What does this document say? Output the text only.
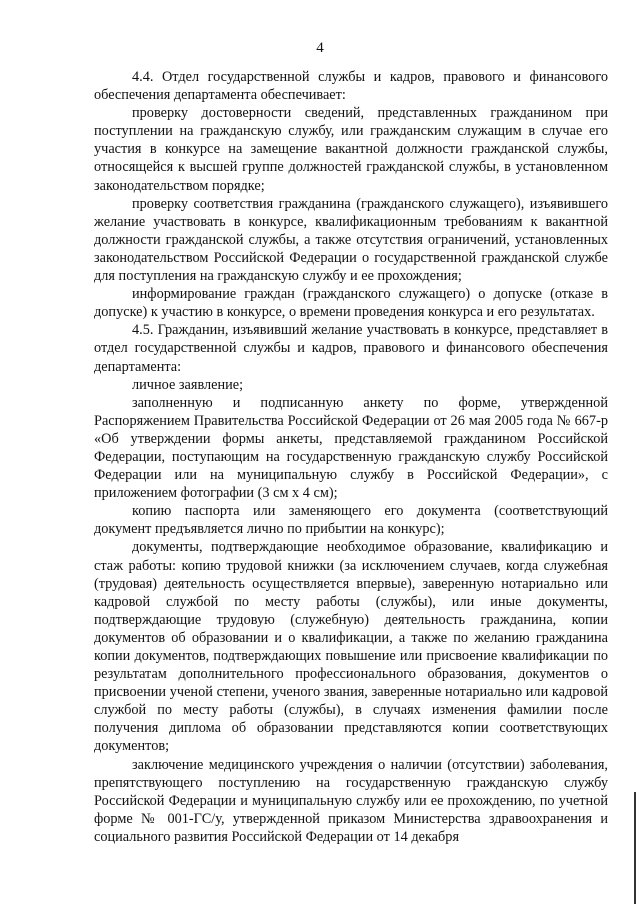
4

4.4. Отдел государственной службы и кадров, правового и финансового обеспечения департамента обеспечивает:

проверку достоверности сведений, представленных гражданином при поступлении на гражданскую службу, или гражданским служащим в случае его участия в конкурсе на замещение вакантной должности гражданской службы, относящейся к высшей группе должностей гражданской службы, в установленном законодательством порядке;

проверку соответствия гражданина (гражданского служащего), изъявившего желание участвовать в конкурсе, квалификационным требованиям к вакантной должности гражданской службы, а также отсутствия ограничений, установленных законодательством Российской Федерации о государственной гражданской службе для поступления на гражданскую службу и ее прохождения;

информирование граждан (гражданского служащего) о допуске (отказе в допуске) к участию в конкурсе, о времени проведения конкурса и его результатах.

4.5. Гражданин, изъявивший желание участвовать в конкурсе, представляет в отдел государственной службы и кадров, правового и финансового обеспечения департамента:

личное заявление;

заполненную и подписанную анкету по форме, утвержденной Распоряжением Правительства Российской Федерации от 26 мая 2005 года № 667-р «Об утверждении формы анкеты, представляемой гражданином Российской Федерации, поступающим на государственную гражданскую службу Российской Федерации или на муниципальную службу в Российской Федерации», с приложением фотографии (3 см х 4 см);

копию паспорта или заменяющего его документа (соответствующий документ предъявляется лично по прибытии на конкурс);

документы, подтверждающие необходимое образование, квалификацию и стаж работы: копию трудовой книжки (за исключением случаев, когда служебная (трудовая) деятельность осуществляется впервые), заверенную нотариально или кадровой службой по месту работы (службы), или иные документы, подтверждающие трудовую (служебную) деятельность гражданина, копии документов об образовании и о квалификации, а также по желанию гражданина копии документов, подтверждающих повышение или присвоение квалификации по результатам дополнительного профессионального образования, документов о присвоении ученой степени, ученого звания, заверенные нотариально или кадровой службой по месту работы (службы), в случаях изменения фамилии после получения диплома об образовании представляются копии соответствующих документов;

заключение медицинского учреждения о наличии (отсутствии) заболевания, препятствующего поступлению на государственную гражданскую службу Российской Федерации и муниципальную службу или ее прохождению, по учетной форме № 001-ГС/у, утвержденной приказом Министерства здравоохранения и социального развития Российской Федерации от 14 декабря
